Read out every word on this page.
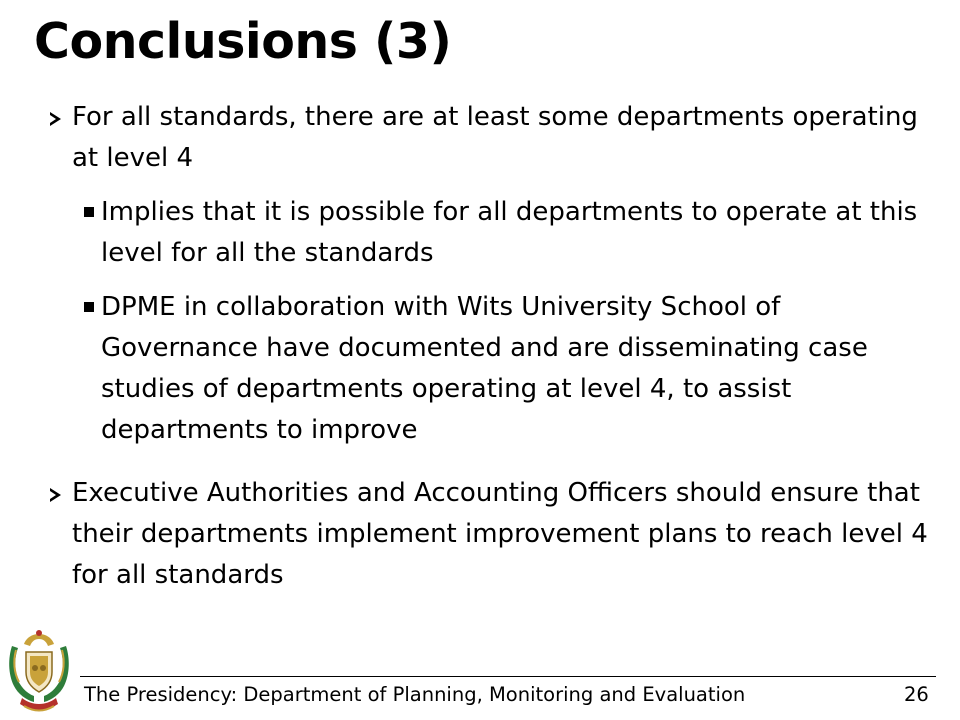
Conclusions (3)
For all standards, there are at least some departments operating at level 4
Implies that it is possible for all departments to operate at this level for all the standards
DPME in collaboration with Wits University School of Governance have documented and are disseminating case studies of departments operating at level 4, to assist departments to improve
Executive Authorities and Accounting Officers should ensure that their departments implement improvement plans to reach level 4 for all standards
The Presidency: Department of Planning, Monitoring and Evaluation	26
